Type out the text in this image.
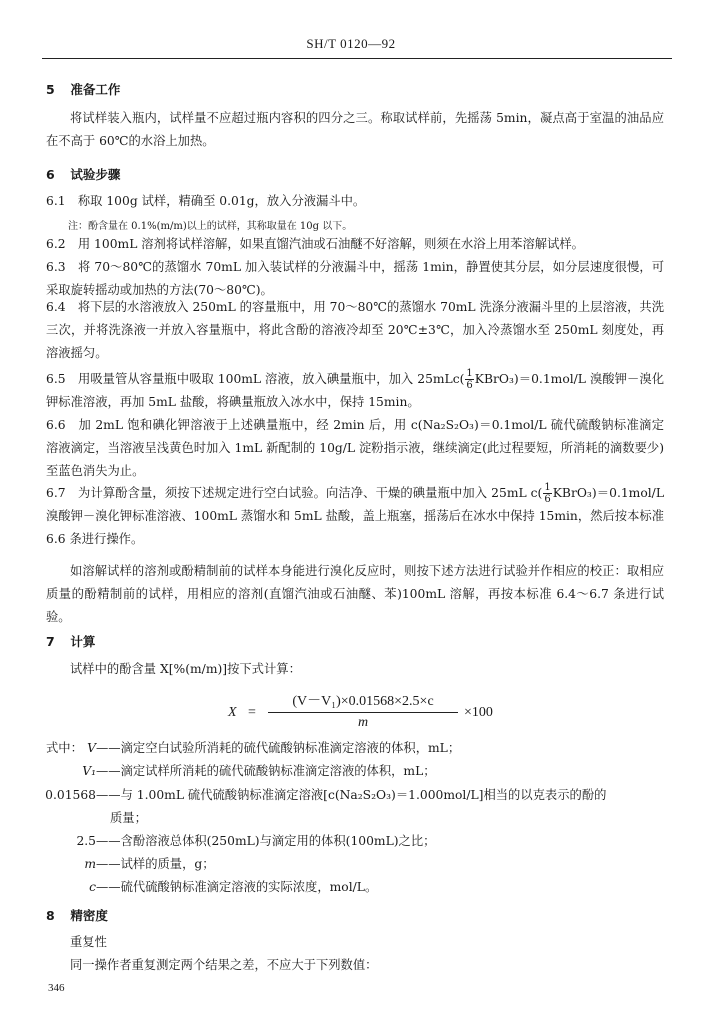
SH/T 0120—92
5 准备工作
将试样装入瓶内，试样量不应超过瓶内容积的四分之三。称取试样前，先摇荡 5min，凝点高于室温的油品应在不高于 60℃的水浴上加热。
6 试验步骤
6.1　称取 100g 试样，精确至 0.01g，放入分液漏斗中。
注：酚含量在 0.1%(m/m)以上的试样，其称取量在 10g 以下。
6.2　用 100mL 溶剂将试样溶解，如果直馏汽油或石油醚不好溶解，则须在水浴上用苯溶解试样。
6.3　将 70～80℃的蒸馏水 70mL 加入装试样的分液漏斗中，摇荡 1min，静置使其分层，如分层速度很慢，可采取旋转摇动或加热的方法(70～80℃)。
6.4　将下层的水溶液放入 250mL 的容量瓶中，用 70～80℃的蒸馏水 70mL 洗涤分液漏斗里的上层溶液，共洗三次，并将洗涤液一并放入容量瓶中，将此含酚的溶液冷却至 20℃±3℃，加入冷蒸馏水至 250mL 刻度处，再溶液摇匀。
6.5　用吸量管从容量瓶中吸取 100mL 溶液，放入碘量瓶中，加入 $25mLc( \frac{1}{6}$ KBrO₃)＝0.1mol/L 溴酸钾－溴化钾标准溶液，再加 5mL 盐酸，将碘量瓶放入冰水中，保持 15min。
6.6　加 2mL 饱和碘化钾溶液于上述碘量瓶中，经 2min 后，用 c(Na₂S₂O₃)＝0.1mol/L 硫代硫酸钠标准滴定溶液滴定，当溶液呈浅黄色时加入 1mL 新配制的 10g/L 淀粉指示液，继续滴定(此过程要短，所消耗的滴数要少)至蓝色消失为止。
6.7　为计算酚含量，须按下述规定进行空白试验。向洁净、干燥的碘量瓶中加入 25mL $c( \frac{1}{6}$ KBrO₃)＝0.1mol/L 溴酸钾－溴化钾标准溶液、100mL 蒸馏水和 5mL 盐酸，盖上瓶塞，摇荡后在冰水中保持 15min，然后按本标准 6.6 条进行操作。
如溶解试样的溶剂或酚精制前的试样本身能进行溴化反应时，则按下述方法进行试验并作相应的校正：取相应质量的酚精制前的试样，用相应的溶剂(直馏汽油或石油醚、苯)100mL 溶解，再按本标准 6.4～6.7 条进行试验。
7 计算
试样中的酚含量 X[%(m/m)]按下式计算：
X =
(V－V₁)×0.01568×2.5×c
m
×100
式中： V——滴定空白试验所消耗的硫代硫酸钠标准滴定溶液的体积，mL；
V₁——滴定试样所消耗的硫代硫酸钠标准滴定溶液的体积，mL；
0.01568——与 1.00mL 硫代硫酸钠标准滴定溶液[c(Na₂S₂O₃)＝1.000mol/L]相当的以克表示的酚的
质量；
2.5——含酚溶液总体积(250mL)与滴定用的体积(100mL)之比；
m——试样的质量，g；
c——硫代硫酸钠标准滴定溶液的实际浓度，mol/L。
8 精密度
重复性
同一操作者重复测定两个结果之差，不应大于下列数值：
346
